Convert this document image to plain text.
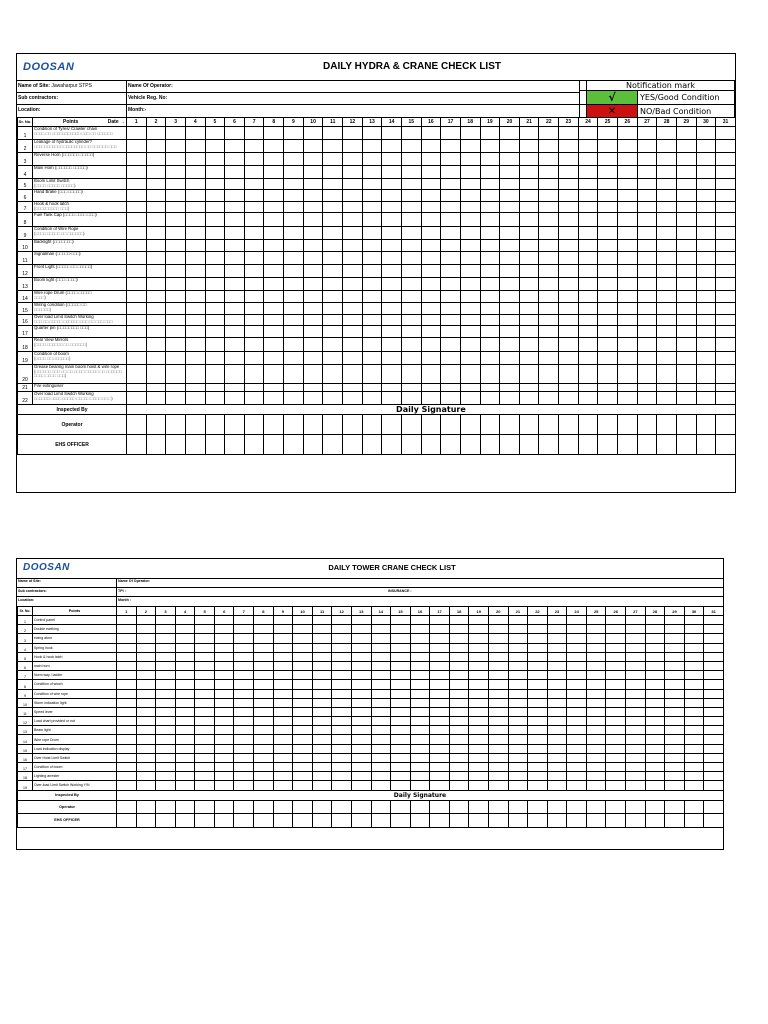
DOOSAN	DAILY HYDRA & CRANE CHECK LIST
Name of Site: Jawaharpur STPS	Name Of Operator:
Sub contractors:	Vehicle Reg. No:
Location:	Month:-
	Notification mark	
	√	YES/Good Condition
	✕	NO/Bad Condition
Sr. No.	Points Date →	1	2	3	4	5	6	7	8	9	10	11	12	13	14	15	16	17	18	19	20	21	22	23	24	25	26	27	28	29	30	31
1	Condition of Tyres/ Crawler chain
□□□□ □□ □□□□□□□□□□□ □□□ □□ □□□□□□																															
2	Leakage of hydraulic cylinder?
□□□□□□□□□□□ □□□□□□□□ □□ □□□□□□ □□□																															
3	Reverse Horn (□□□□□□ □□□□□)

4	Main Horn (□□□□□□ □□□□□)

5	Boom Limit Switch
(□□□□ □□□□□ □□□□□)																															
6	Hand Brake (□□□ □□□□□)

7	Hook & hook latch
(□□□□□□□□□ □□□)																															
8	Fuel Tank Cap (□□□□ □□□□ □□□)

9	Condition of Wire Rope
(□□□□ □□□□□ □□ □□□□□□)																															
10	Backlight (□□□□□□□)

11	Signalman (□□□□□-□□□)

12	Front Light (□□□□□ □□ □□□□□)

13	Boom light (□□□ □□□□)

14	Wire rope Drum (□□□□ □□□□□
□□□□)																															
15	Wiring condition (□□□□□ □□
□□□□□□)																															
16	Over load Limit Switch Working
□□□ □□ □□□□□ □□□□□□ □□□ □□ □□□ □□□																															
17	Quarter pin (□□□□□□□□ □□□)

18	Rear View Mirrors
(□□□□ □□□□□□ □□ □□□□□□)																															
19	Condition of boom
(□□□□ □□ □□□□□□)																															
20	Grease bearing main boom hoist & wire rope
(□□□□□□ □□□ □□ □□ □□□□ □□□□□ □□ □□□□□□ □□□□ □□□□ □□□)																															
21	Fire extinguiser

22	Over load Limit Switch Working
□□□□□□ □□□□ □□□□□ □□□□□ □□□□ □□ □)																															
Inspected By		Daily Signature																														
Operator																																
EHS OFFICER																																
DOOSAN	DAILY TOWER CRANE CHECK LIST
Name of Site:	Name Of Operator:
Sub contractors:	TPI :	INSURANCE :
Location:	Month :
Sr. No.	Points	1	2	3	4	5	6	7	8	9	10	11	12	13	14	15	16	17	18	19	20	21	22	23	24	25	26	27	28	29	30	31
1	Control panel																															
2	Double earthing																															
3	ewing atom																															
4	Spring hook																															
5	Hook & hook latch																															
6	main horn																															
7	Norm way / ladder																															
8	Condition of winch																															
9	Condition of wire rope																															
10	Storm indication light																															
11	Speed lever																															
12	Load chart provided or not																															
13	Beam light																															
14	Wire rope Drum																															
15	Load indication display																															
16	Over Hoist Limit Switch																															
17	Condition of boom																															
18	Lighting arrester																															
19	Over-load Limit Switch Working Y/N																															
Inspected By		Daily Signature																														
Operator																																
EHS OFFICER																																
